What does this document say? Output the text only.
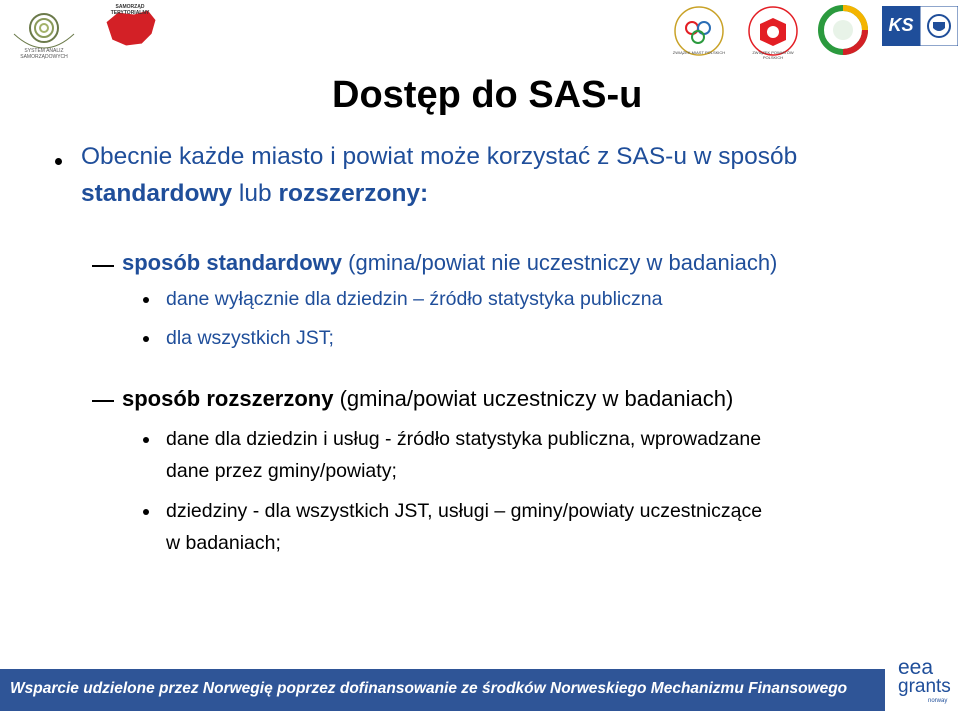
SYSTEM ANALIZ SAMORZĄDOWYCH
SAMORZĄD TERYTORIALNY
ZWIĄZEK MIAST POLSKICH	ZWIĄZEK POWIATÓW POLSKICH
KS
Dostęp do SAS-u
Obecnie każde miasto i powiat może korzystać z SAS-u w sposób
standardowy lub rozszerzony:
sposób standardowy (gmina/powiat nie uczestniczy w badaniach)
dane wyłącznie dla dziedzin – źródło statystyka publiczna
dla wszystkich JST;
sposób rozszerzony (gmina/powiat uczestniczy w badaniach)
dane dla dziedzin i usług - źródło statystyka publiczna, wprowadzane
dane przez gminy/powiaty;
dziedziny - dla wszystkich JST, usługi – gminy/powiaty uczestniczące
w badaniach;
Wsparcie udzielone przez Norwegię poprzez dofinansowanie ze środków Norweskiego Mechanizmu Finansowego
eea
grants
norway
